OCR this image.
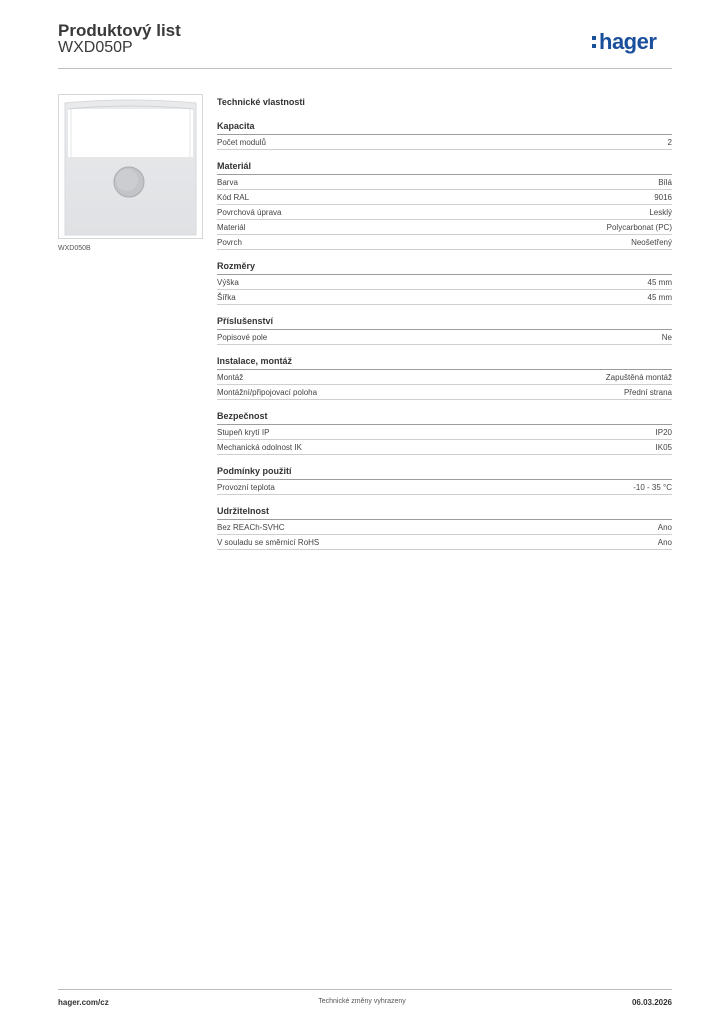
Produktový list
WXD050P	hager
WXD050B
Technické vlastnosti
Kapacita
Počet modulů	2
Materiál
Barva	Bílá
Kód RAL	9016
Povrchová úprava	Lesklý
Materiál	Polycarbonat (PC)
Povrch	Neošetřený
Rozměry
Výška	45 mm
Šířka	45 mm
Příslušenství
Popisové pole	Ne
Instalace, montáž
Montáž	Zapuštěná montáž
Montážní/připojovací poloha	Přední strana
Bezpečnost
Stupeň krytí IP	IP20
Mechanická odolnost IK	IK05
Podmínky použití
Provozní teplota	-10 - 35 °C
Udržitelnost
Bez REACh-SVHC	Ano
V souladu se směrnicí RoHS	Ano
hager.com/cz	Technické změny vyhrazeny	06.03.2026
